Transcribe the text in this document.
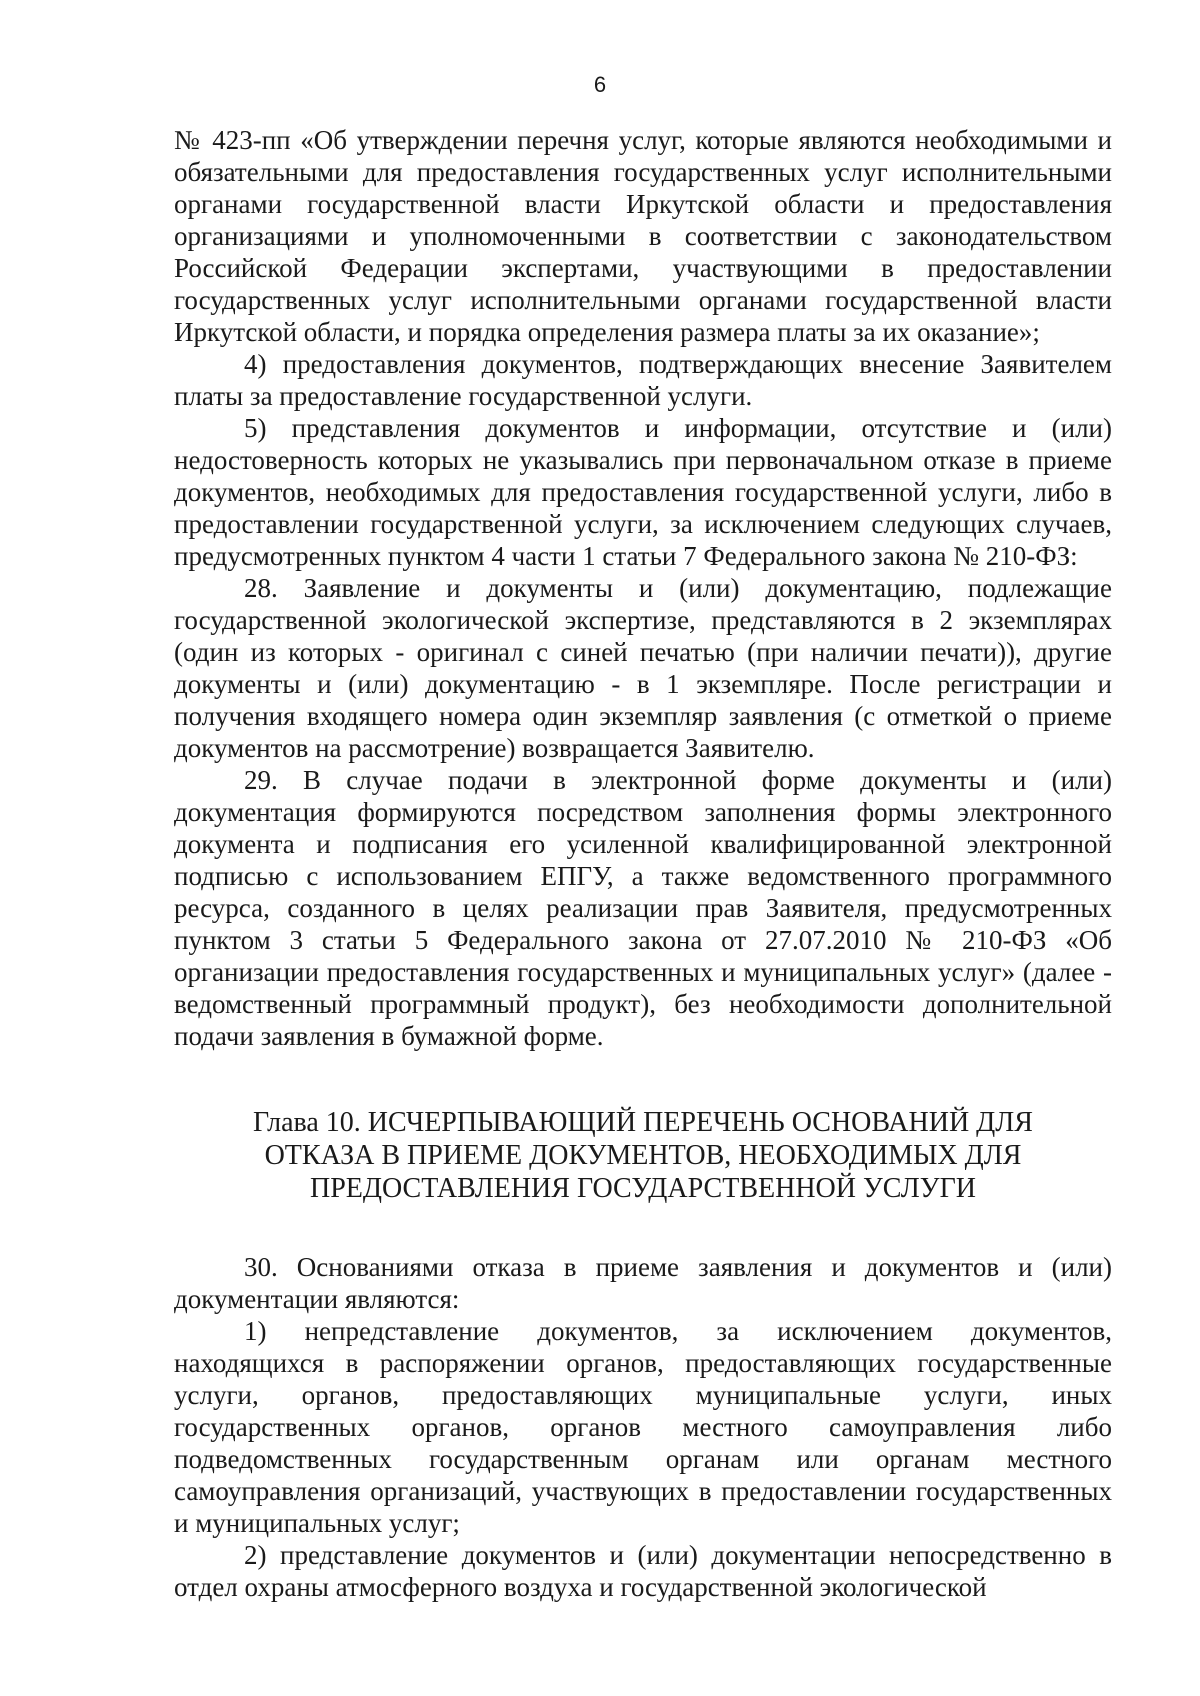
6

№ 423-пп «Об утверждении перечня услуг, которые являются необходимыми и обязательными для предоставления государственных услуг исполнительными органами государственной власти Иркутской области и предоставления организациями и уполномоченными в соответствии с законодательством Российской Федерации экспертами, участвующими в предоставлении государственных услуг исполнительными органами государственной власти Иркутской области, и порядка определения размера платы за их оказание»;

4) предоставления документов, подтверждающих внесение Заявителем платы за предоставление государственной услуги.

5) представления документов и информации, отсутствие и (или) недостоверность которых не указывались при первоначальном отказе в приеме документов, необходимых для предоставления государственной услуги, либо в предоставлении государственной услуги, за исключением следующих случаев, предусмотренных пунктом 4 части 1 статьи 7 Федерального закона № 210-ФЗ:

28. Заявление и документы и (или) документацию, подлежащие государственной экологической экспертизе, представляются в 2 экземплярах (один из которых - оригинал с синей печатью (при наличии печати)), другие документы и (или) документацию - в 1 экземпляре. После регистрации и получения входящего номера один экземпляр заявления (с отметкой о приеме документов на рассмотрение) возвращается Заявителю.

29. В случае подачи в электронной форме документы и (или) документация формируются посредством заполнения формы электронного документа и подписания его усиленной квалифицированной электронной подписью с использованием ЕПГУ, а также ведомственного программного ресурса, созданного в целях реализации прав Заявителя, предусмотренных пунктом 3 статьи 5 Федерального закона от 27.07.2010 № 210-ФЗ «Об организации предоставления государственных и муниципальных услуг» (далее - ведомственный программный продукт), без необходимости дополнительной подачи заявления в бумажной форме.

Глава 10. ИСЧЕРПЫВАЮЩИЙ ПЕРЕЧЕНЬ ОСНОВАНИЙ ДЛЯ
ОТКАЗА В ПРИЕМЕ ДОКУМЕНТОВ, НЕОБХОДИМЫХ ДЛЯ
ПРЕДОСТАВЛЕНИЯ ГОСУДАРСТВЕННОЙ УСЛУГИ

30. Основаниями отказа в приеме заявления и документов и (или) документации являются:

1) непредставление документов, за исключением документов, находящихся в распоряжении органов, предоставляющих государственные услуги, органов, предоставляющих муниципальные услуги, иных государственных органов, органов местного самоуправления либо подведомственных государственным органам или органам местного самоуправления организаций, участвующих в предоставлении государственных и муниципальных услуг;

2) представление документов и (или) документации непосредственно в отдел охраны атмосферного воздуха и государственной экологической
